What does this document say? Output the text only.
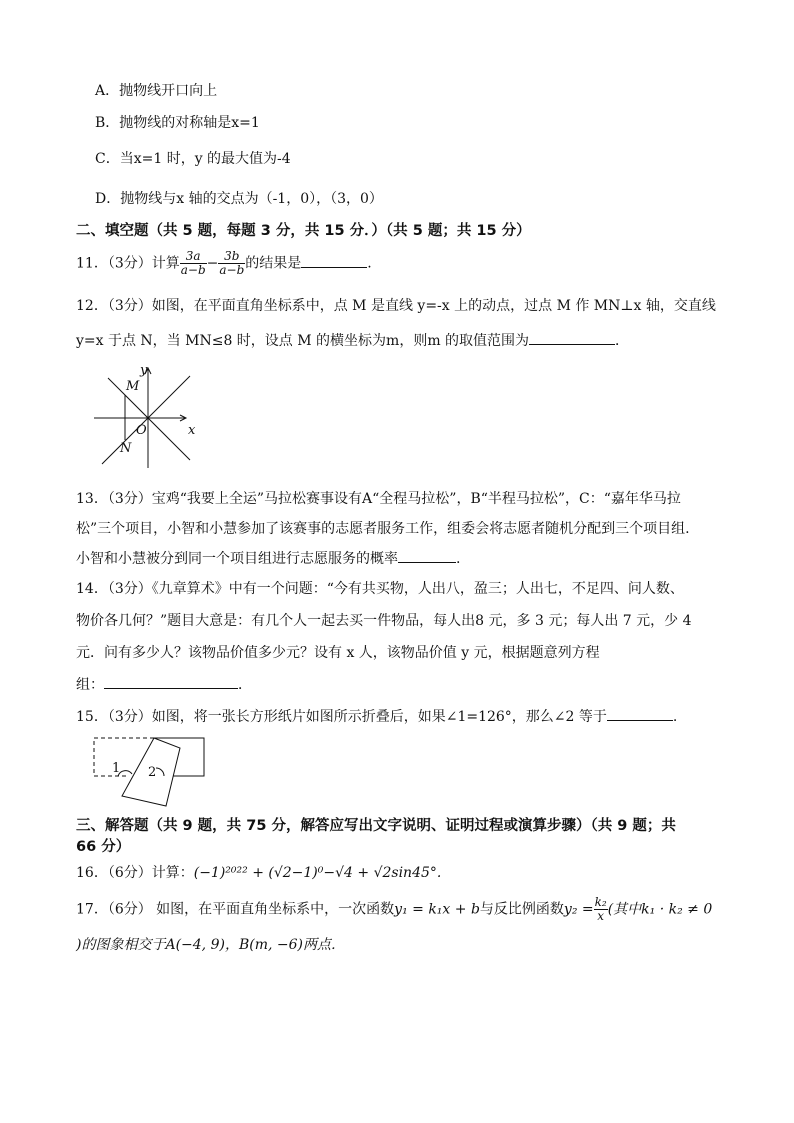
A．抛物线开口向上
B．抛物线的对称轴是x=1
C．当x=1 时，y 的最大值为-4
D．抛物线与x 轴的交点为（-1，0），（3，0）
二、填空题（共 5 题，每题 3 分，共 15 分．）（共 5 题；共 15 分）
11．（3分）计算 $\frac{3a}{a-b} - \frac{3b}{a-b}$ 的结果是	.
12．（3分）如图，在平面直角坐标系中，点 M 是直线 y=-x 上的动点，过点 M 作 MN⊥x 轴，交直线
y=x 于点 N，当 MN≤8 时，设点 M 的横坐标为m，则m 的取值范围为	．
y
x
M
N
O
13．（3分）宝鸡“我要上全运”马拉松赛事设有A“全程马拉松”，B“半程马拉松”，C：“嘉年华马拉
松”三个项目，小智和小慧参加了该赛事的志愿者服务工作，组委会将志愿者随机分配到三个项目组.
小智和小慧被分到同一个项目组进行志愿服务的概率	.
14．（3分）《九章算术》中有一个问题：“今有共买物，人出八，盈三；人出七，不足四、问人数、
物价各几何？”题目大意是：有几个人一起去买一件物品，每人出8 元，多 3 元；每人出 7 元，少 4
元．问有多少人？该物品价值多少元？设有 x 人，该物品价值 y 元，根据题意列方程
组：	．
15．（3分）如图，将一张长方形纸片如图所示折叠后，如果∠1=126°，那么∠2 等于	.
1 2
三、解答题（共 9 题，共 75 分，解答应写出文字说明、证明过程或演算步骤）（共 9 题；共
66 分）
16．（6分）计算：(−1)²⁰²² + (√2−1)⁰−√4 + √2sin45°.
17．（6分） 如图，在平面直角坐标系中，一次函数y₁ = k₁x + b与反比例函数$y_2 = \frac{\text{k₂}}{x}$ (其中k₁ · k₂ ≠ 0
)的图象相交于A(−4, 9)，B(m, −6)两点．
